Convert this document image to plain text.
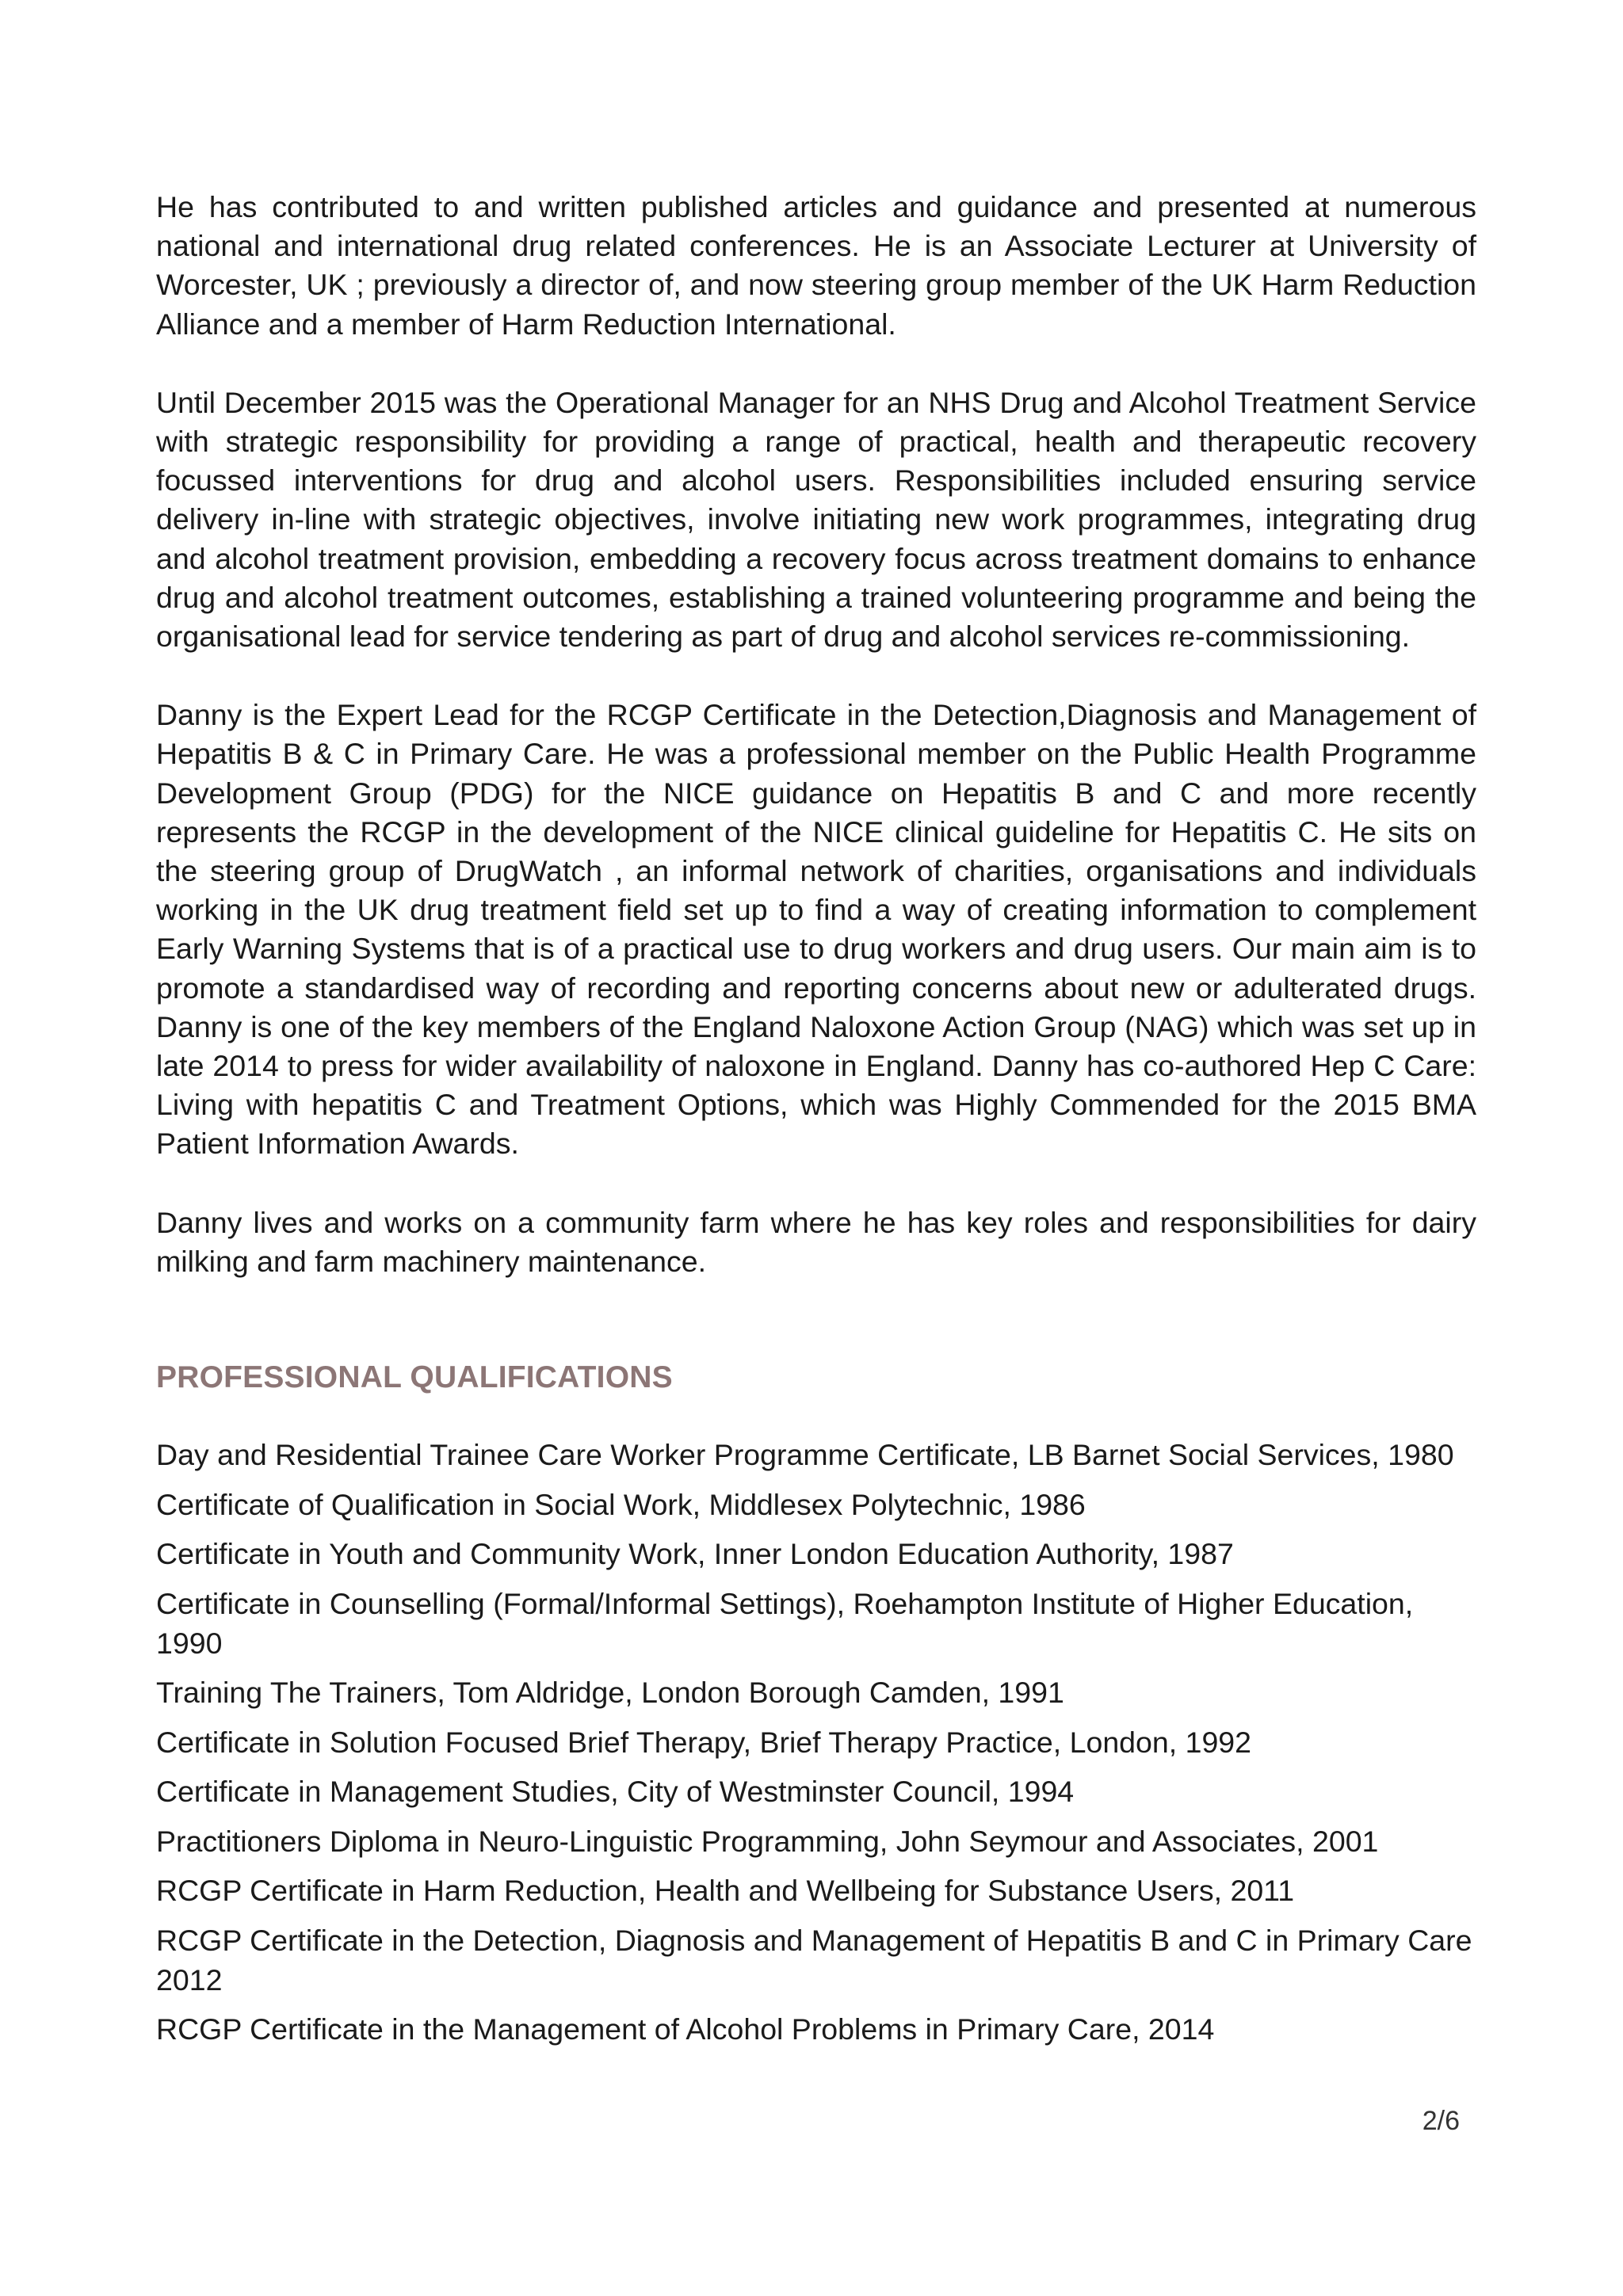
He has contributed to and written published articles and guidance and presented at numerous national and international drug related conferences. He is an Associate Lecturer at University of Worcester, UK ; previously a director of, and now steering group member of the UK Harm Reduction Alliance and a member of Harm Reduction International.

Until December 2015 was the Operational Manager for an NHS Drug and Alcohol Treatment Service with strategic responsibility for providing a range of practical, health and therapeutic recovery focussed interventions for drug and alcohol users. Responsibilities included ensuring service delivery in-line with strategic objectives, involve initiating new work programmes, integrating drug and alcohol treatment provision, embedding a recovery focus across treatment domains to enhance drug and alcohol treatment outcomes, establishing a trained volunteering programme and being the organisational lead for service tendering as part of drug and alcohol services re-commissioning.

Danny is the Expert Lead for the RCGP Certificate in the Detection,Diagnosis and Management of Hepatitis B & C in Primary Care. He was a professional member on the Public Health Programme Development Group (PDG) for the NICE guidance on Hepatitis B and C and more recently represents the RCGP in the development of the NICE clinical guideline for Hepatitis C. He sits on the steering group of DrugWatch , an informal network of charities, organisations and individuals working in the UK drug treatment field set up to find a way of creating information to complement Early Warning Systems that is of a practical use to drug workers and drug users. Our main aim is to promote a standardised way of recording and reporting concerns about new or adulterated drugs. Danny is one of the key members of the England Naloxone Action Group (NAG) which was set up in late 2014 to press for wider availability of naloxone in England. Danny has co-authored Hep C Care: Living with hepatitis C and Treatment Options, which was Highly Commended for the 2015 BMA Patient Information Awards.

Danny lives and works on a community farm where he has key roles and responsibilities for dairy milking and farm machinery maintenance.

PROFESSIONAL QUALIFICATIONS
Day and Residential Trainee Care Worker Programme Certificate, LB Barnet Social Services, 1980
Certificate of Qualification in Social Work, Middlesex Polytechnic, 1986
Certificate in Youth and Community Work, Inner London Education Authority, 1987
Certificate in Counselling (Formal/Informal Settings), Roehampton Institute of Higher Education, 1990
Training The Trainers, Tom Aldridge, London Borough Camden, 1991
Certificate in Solution Focused Brief Therapy, Brief Therapy Practice, London, 1992
Certificate in Management Studies, City of Westminster Council, 1994
Practitioners Diploma in Neuro-Linguistic Programming, John Seymour and Associates, 2001
RCGP Certificate in Harm Reduction, Health and Wellbeing for Substance Users, 2011
RCGP Certificate in the Detection, Diagnosis and Management of Hepatitis B and C in Primary Care 2012
RCGP Certificate in the Management of Alcohol Problems in Primary Care, 2014
2/6
